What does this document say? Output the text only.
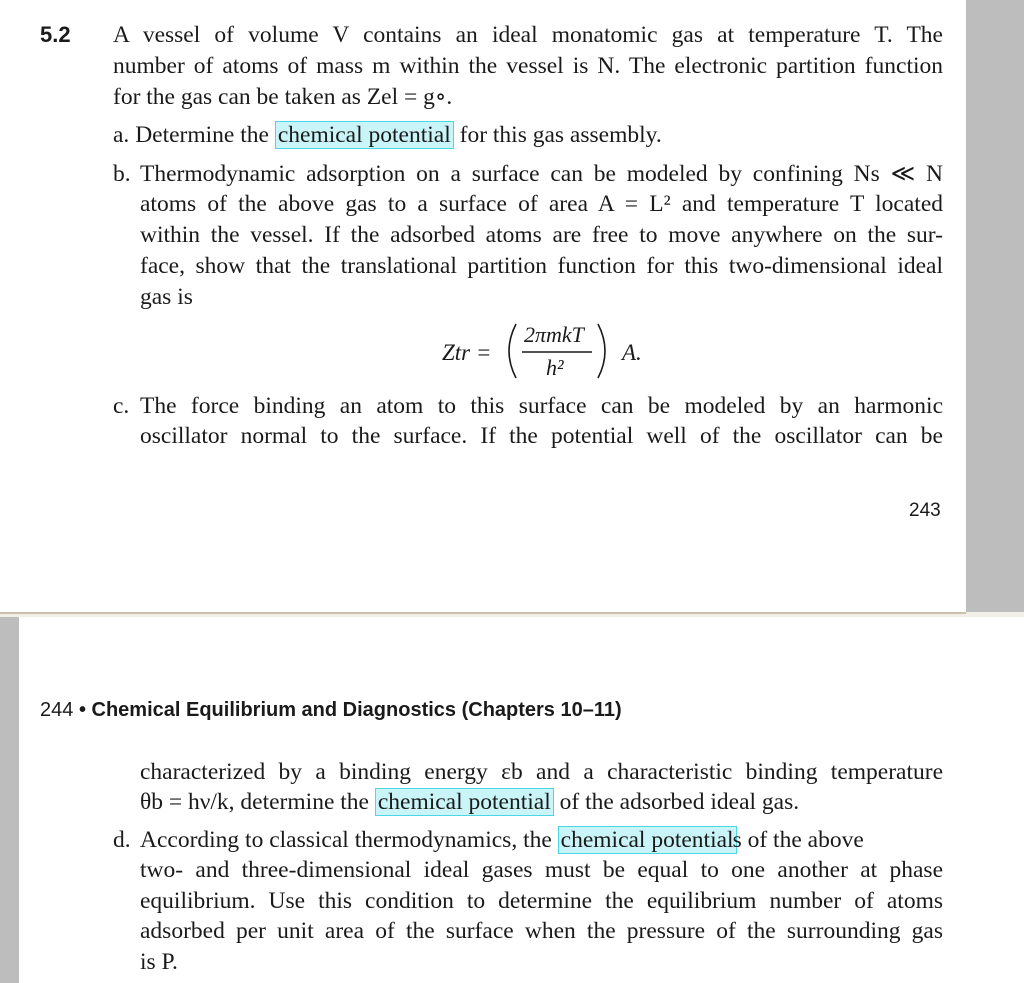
5.2 A vessel of volume V contains an ideal monatomic gas at temperature T. The
number of atoms of mass m within the vessel is N. The electronic partition function
for the gas can be taken as Zel = g∘.
a. Determine the chemical potential for this gas assembly.
b. Thermodynamic adsorption on a surface can be modeled by confining Ns ≪ N
atoms of the above gas to a surface of area A = L² and temperature T located
within the vessel. If the adsorbed atoms are free to move anywhere on the sur-
face, show that the translational partition function for this two-dimensional ideal
gas is
Ztr =
2πmkT
h²
A.
c. The force binding an atom to this surface can be modeled by an harmonic
oscillator normal to the surface. If the potential well of the oscillator can be
243
244 • Chemical Equilibrium and Diagnostics (Chapters 10–11)
characterized by a binding energy εb and a characteristic binding temperature
θb = hν/k, determine the chemical potential of the adsorbed ideal gas.
d. According to classical thermodynamics, the chemical potentials of the above
two- and three-dimensional ideal gases must be equal to one another at phase
equilibrium. Use this condition to determine the equilibrium number of atoms
adsorbed per unit area of the surface when the pressure of the surrounding gas
is P.
